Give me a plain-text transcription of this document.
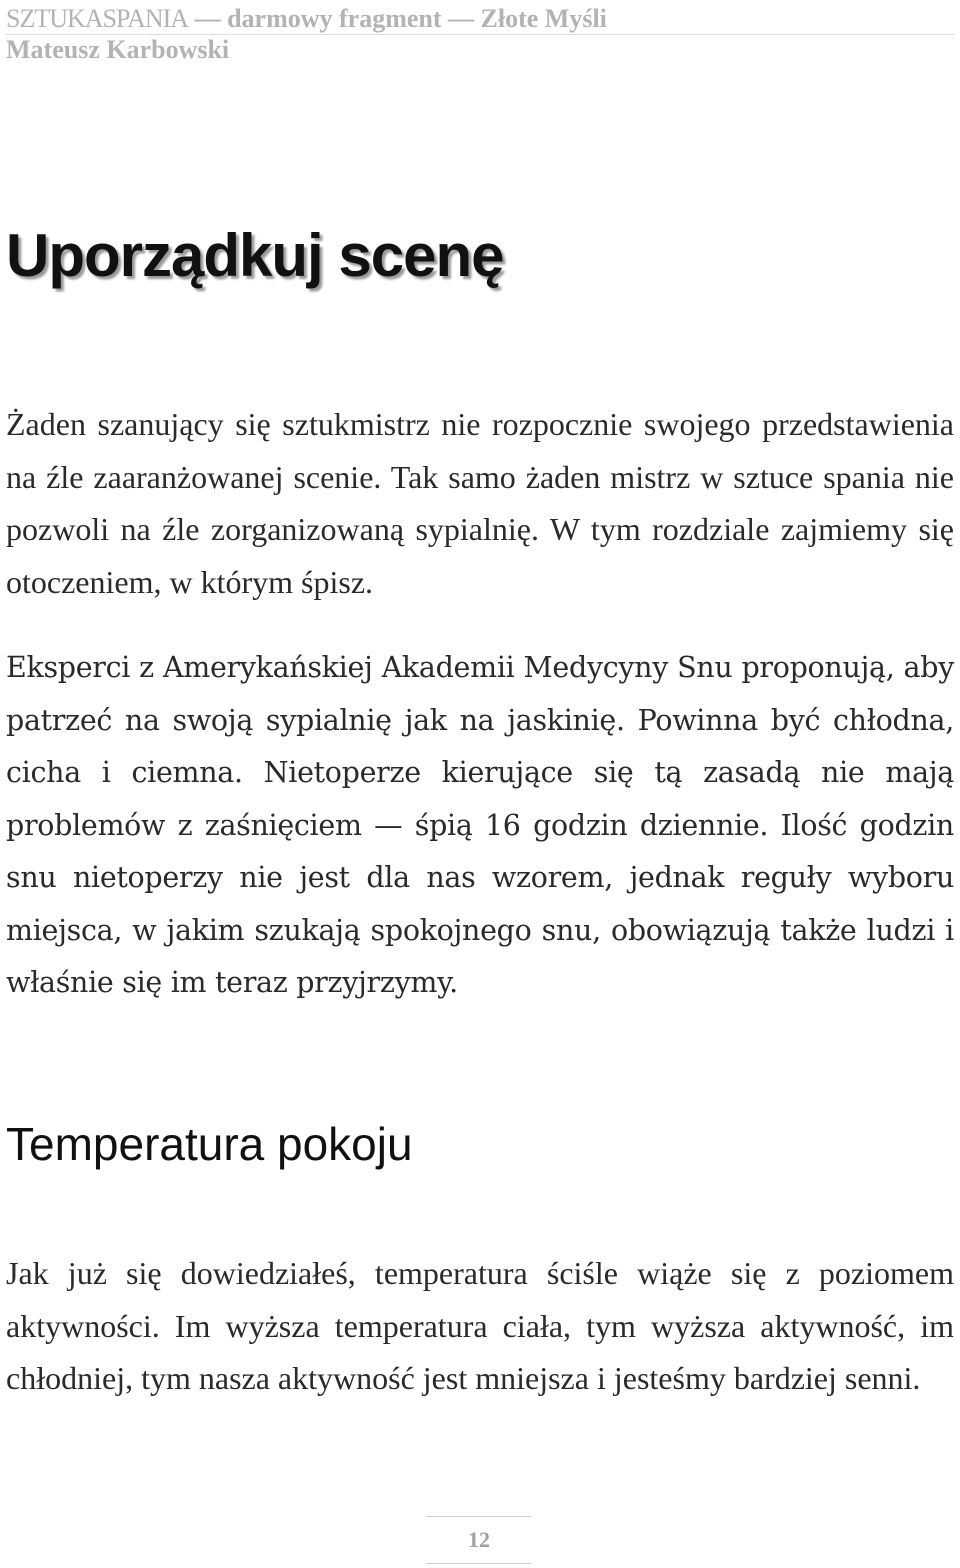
SZTUKASPANIA — darmowy fragment — Złote Myśli
Mateusz Karbowski
Uporządkuj scenę

Żaden szanujący się sztukmistrz nie rozpocznie swojego przedstawienia na źle zaaranżowanej scenie. Tak samo żaden mistrz w sztuce spania nie pozwoli na źle zorganizowaną sypialnię. W tym rozdziale zajmiemy się otoczeniem, w którym śpisz.

Eksperci z Amerykańskiej Akademii Medycyny Snu proponują, aby patrzeć na swoją sypialnię jak na jaskinię. Powinna być chłodna, cicha i ciemna. Nietoperze kierujące się tą zasadą nie mają problemów z zaśnięciem — śpią 16 godzin dziennie. Ilość godzin snu nietoperzy nie jest dla nas wzorem, jednak reguły wyboru miejsca, w jakim szukają spokojnego snu, obowiązują także ludzi i właśnie się im teraz przyjrzymy.

Temperatura pokoju

Jak już się dowiedziałeś, temperatura ściśle wiąże się z poziomem aktywności. Im wyższa temperatura ciała, tym wyższa aktywność, im chłodniej, tym nasza aktywność jest mniejsza i jesteśmy bardziej senni.

12
